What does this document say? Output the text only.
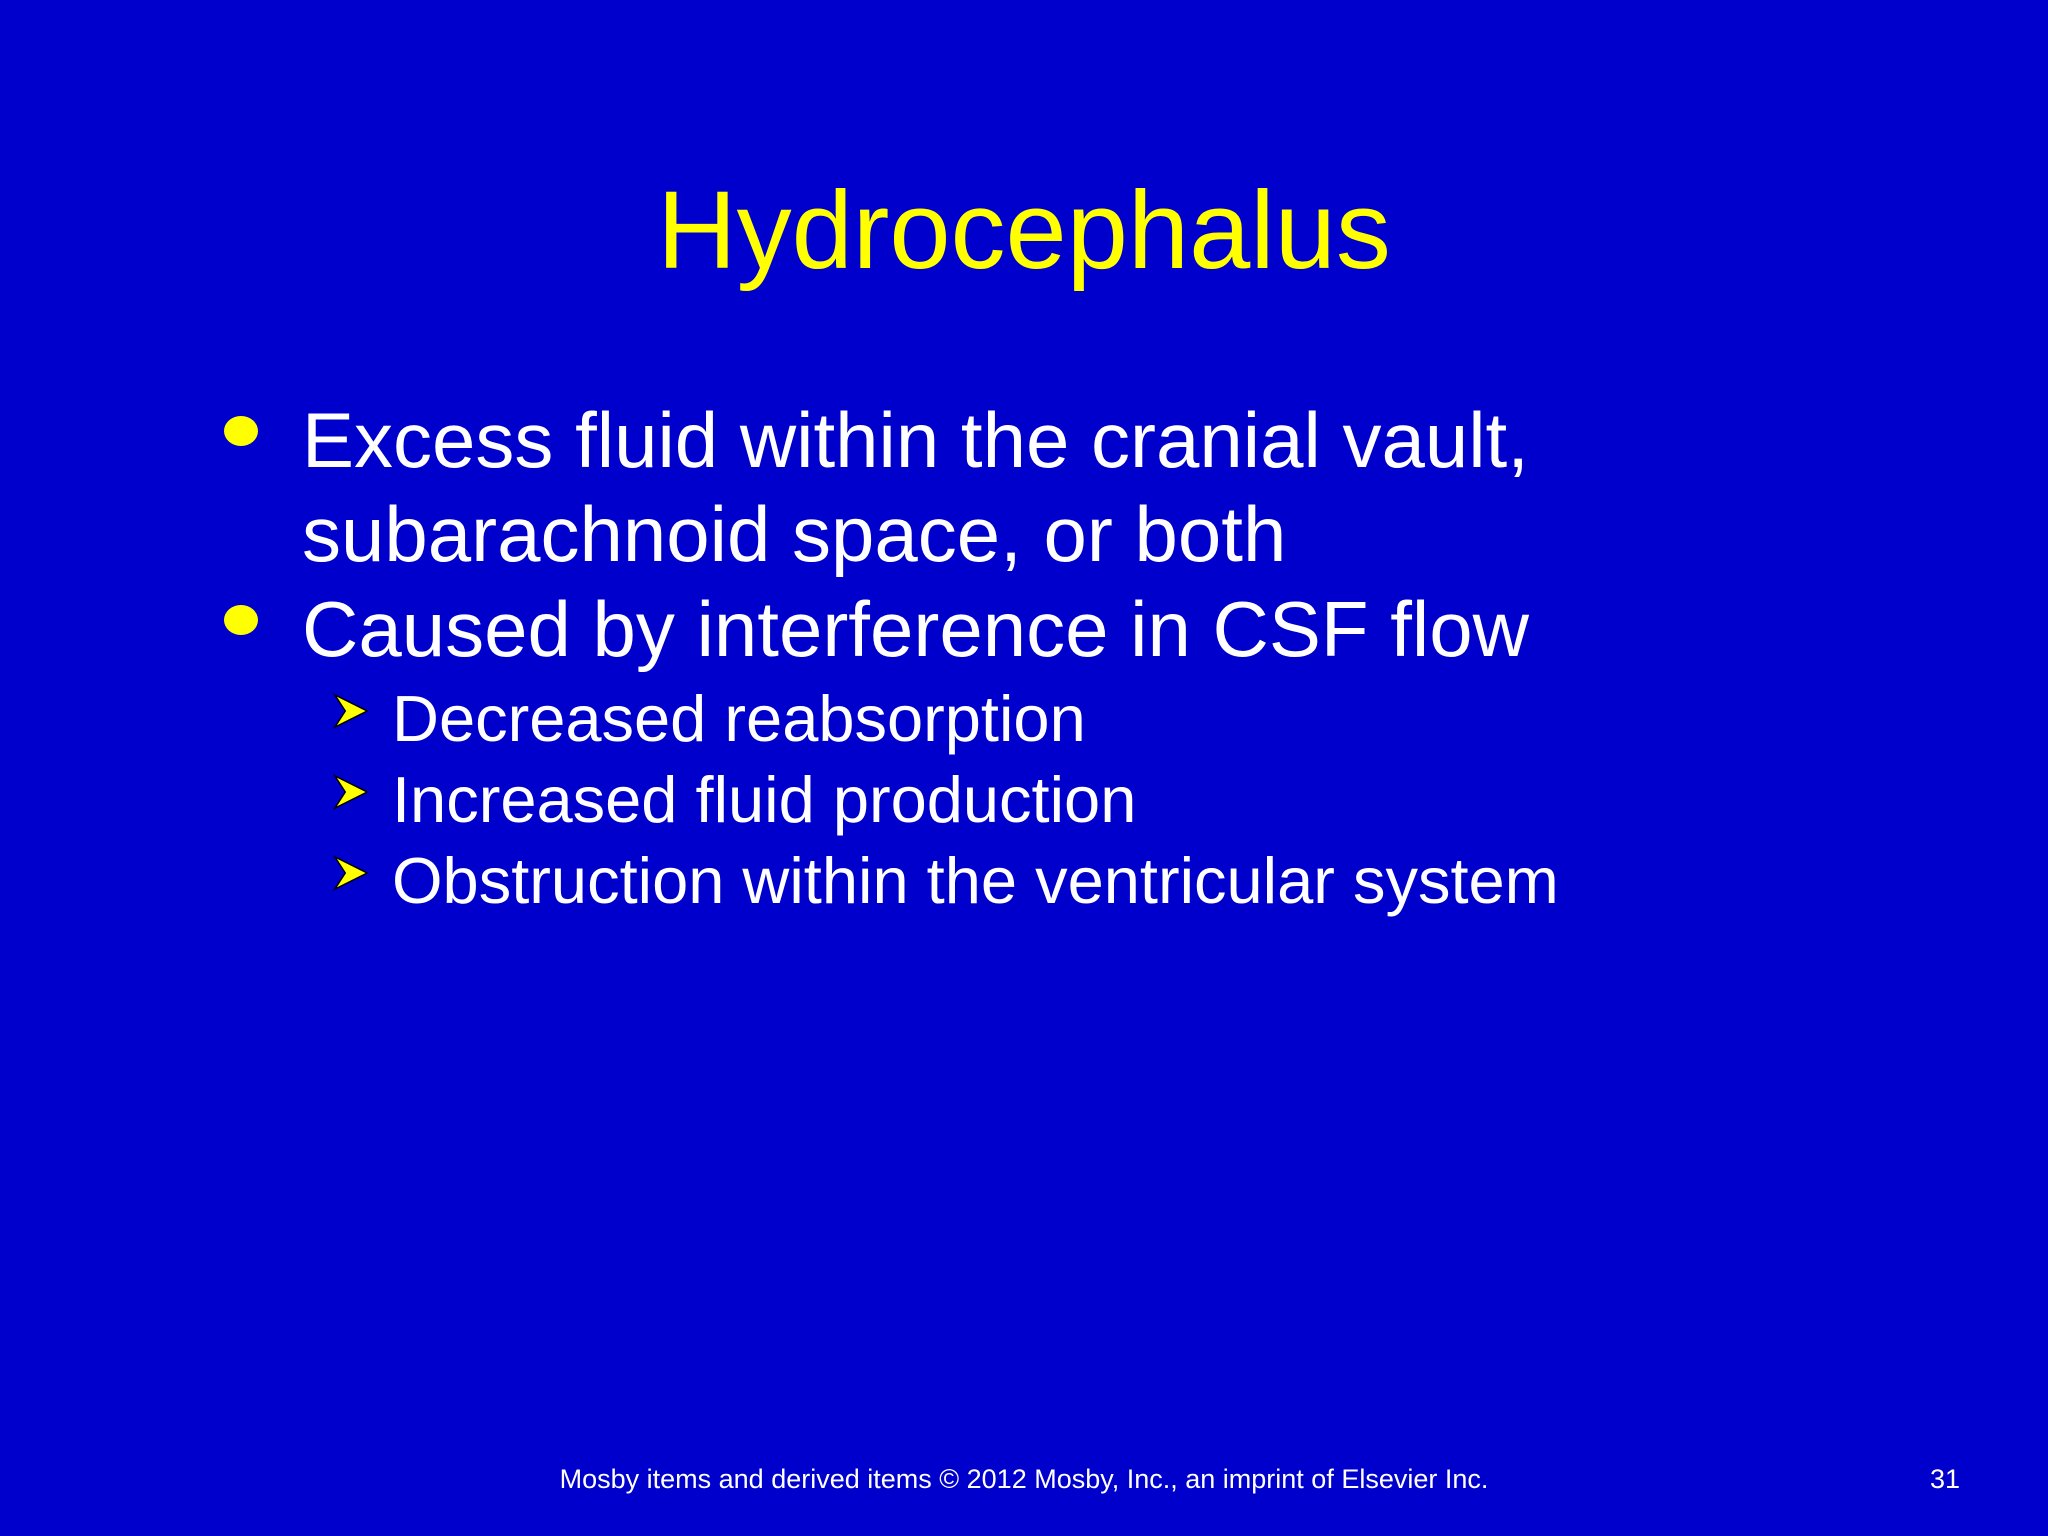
Hydrocephalus
Excess fluid within the cranial vault,
subarachnoid space, or both
Caused by interference in CSF flow
Decreased reabsorption
Increased fluid production
Obstruction within the ventricular system
Mosby items and derived items © 2012 Mosby, Inc., an imprint of Elsevier Inc.	31
